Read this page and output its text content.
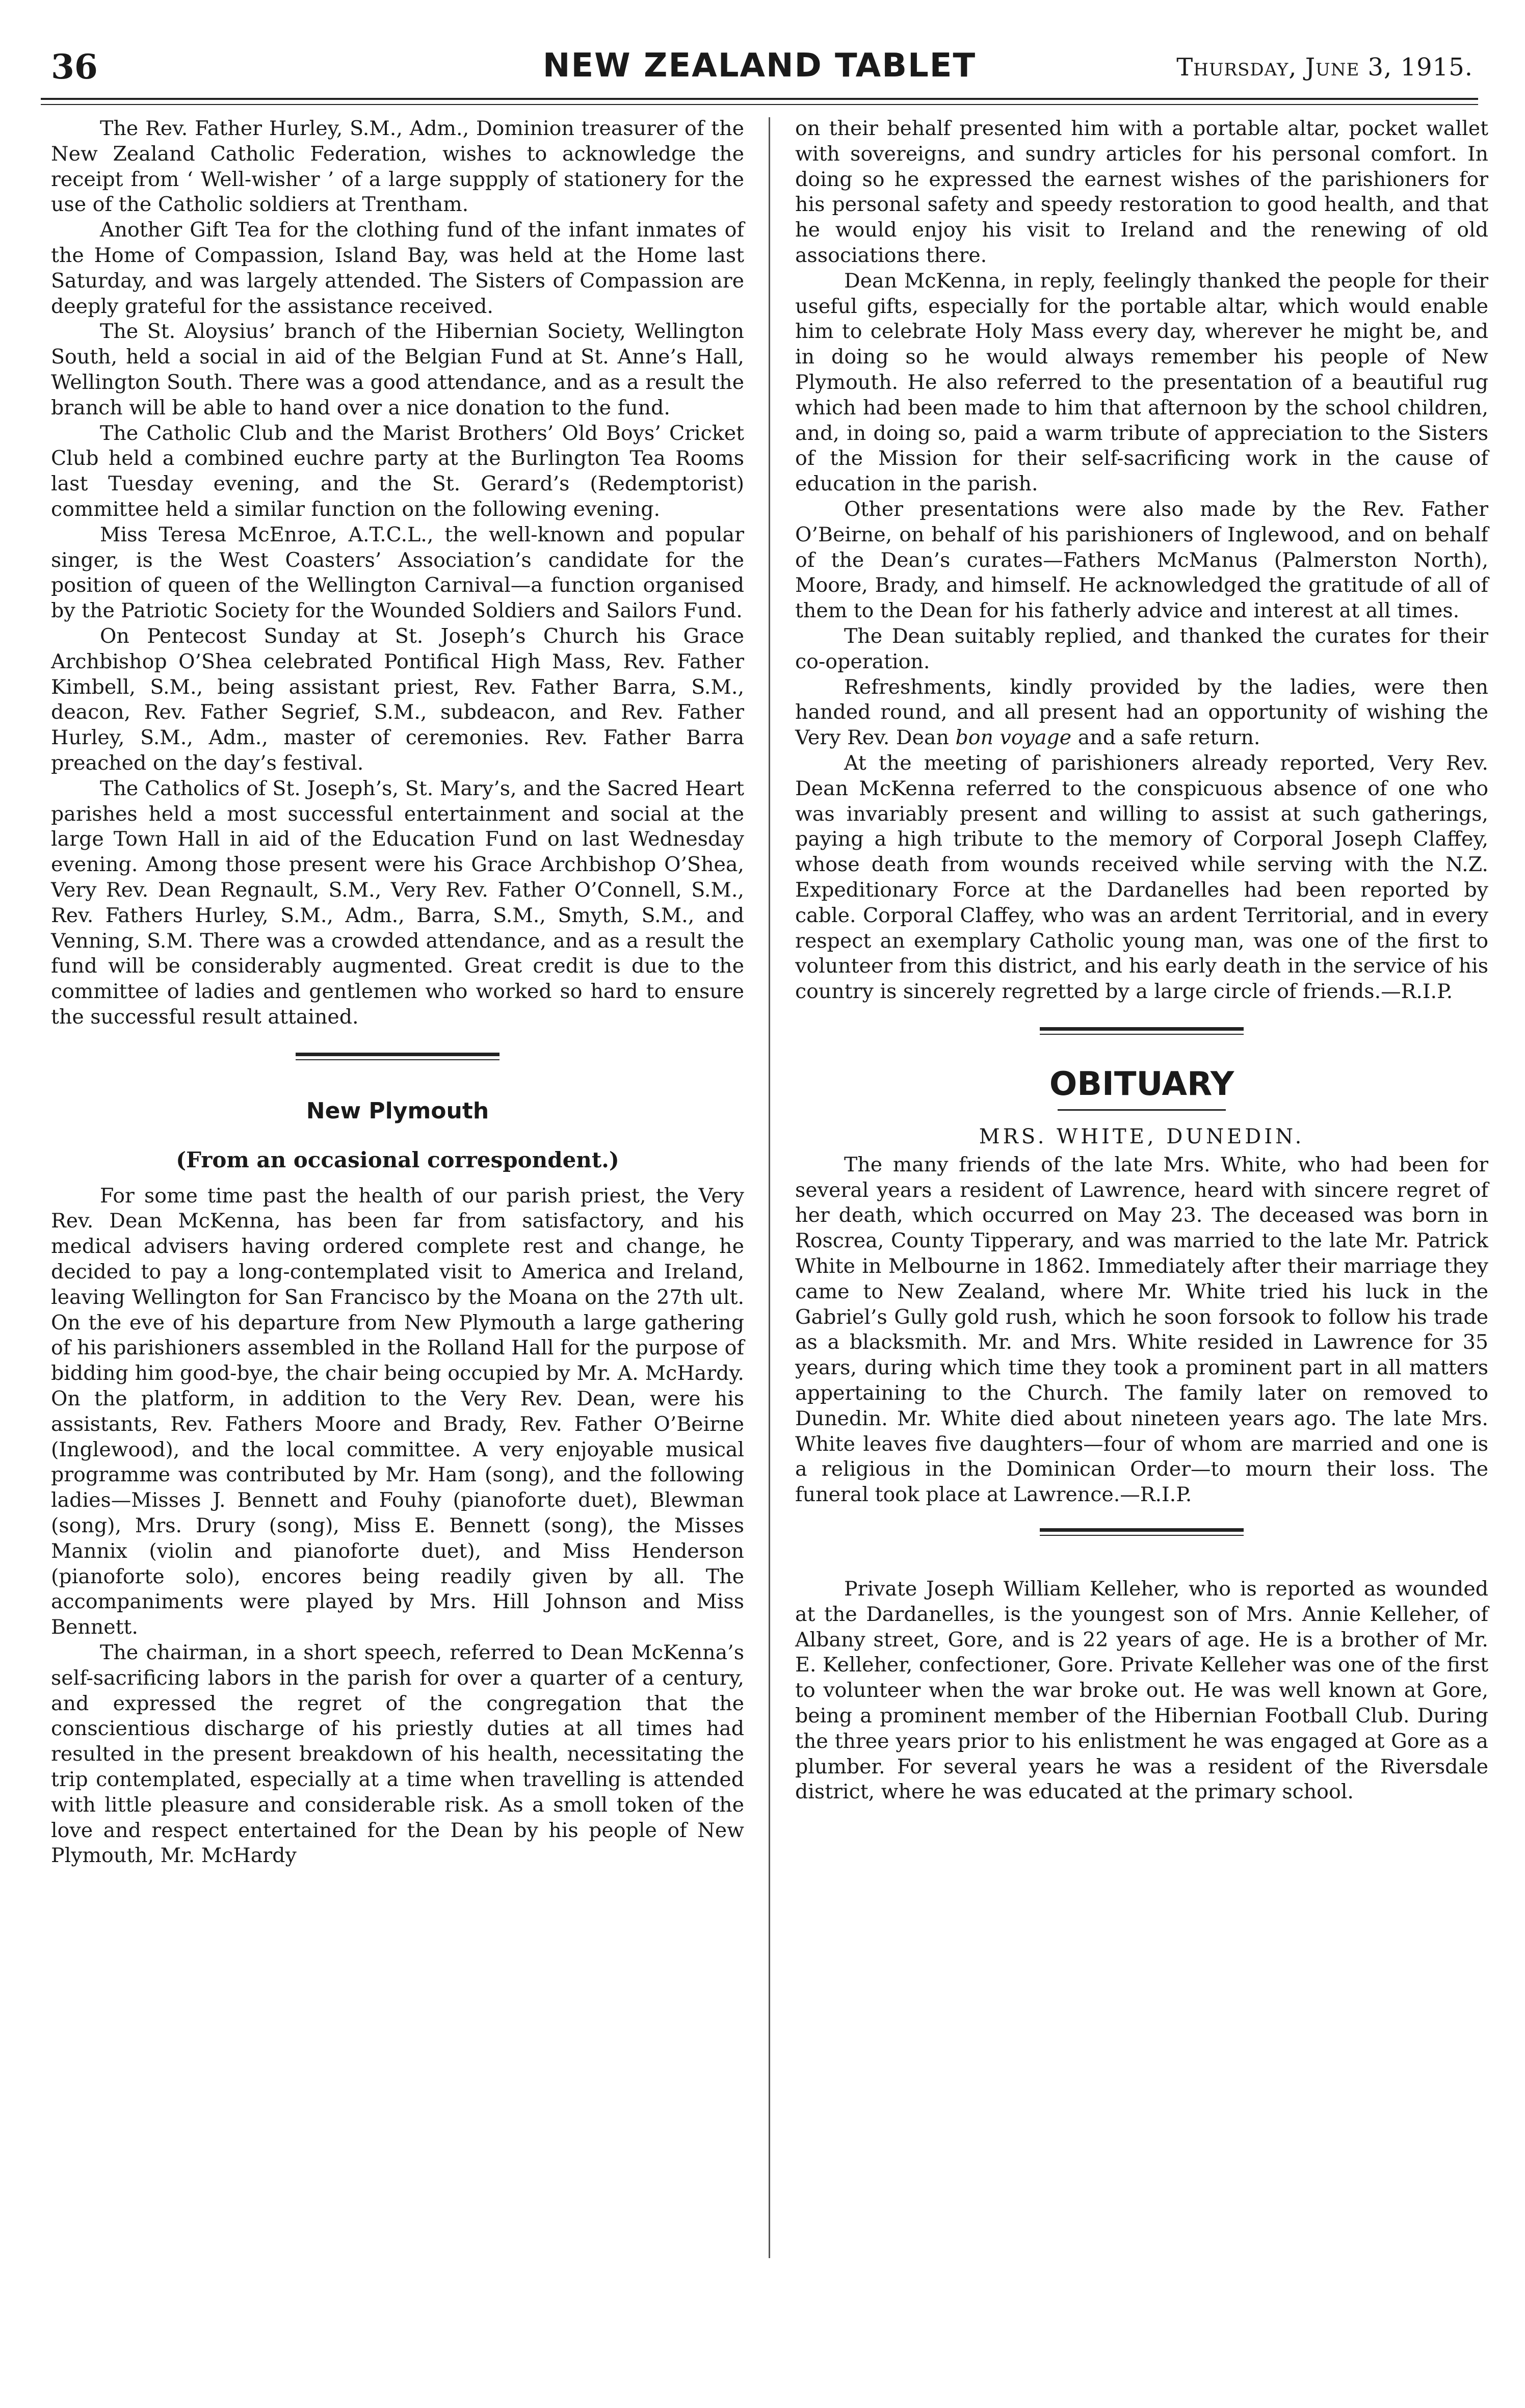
36	NEW ZEALAND TABLET	Thursday, June 3, 1915.

The Rev. Father Hurley, S.M., Adm., Dominion treasurer of the New Zealand Catholic Federation, wishes to acknowledge the receipt from ‘ Well-wisher ’ of a large suppply of stationery for the use of the Catholic soldiers at Trentham.

Another Gift Tea for the clothing fund of the infant inmates of the Home of Compassion, Island Bay, was held at the Home last Saturday, and was largely attended. The Sisters of Compassion are deeply grateful for the assistance received.

The St. Aloysius’ branch of the Hibernian Society, Wellington South, held a social in aid of the Belgian Fund at St. Anne’s Hall, Wellington South. There was a good attendance, and as a result the branch will be able to hand over a nice donation to the fund.

The Catholic Club and the Marist Brothers’ Old Boys’ Cricket Club held a combined euchre party at the Burlington Tea Rooms last Tuesday evening, and the St. Gerard’s (Redemptorist) committee held a similar function on the following evening.

Miss Teresa McEnroe, A.T.C.L., the well-known and popular singer, is the West Coasters’ Association’s candidate for the position of queen of the Wellington Carnival—a function organised by the Patriotic Society for the Wounded Soldiers and Sailors Fund.

On Pentecost Sunday at St. Joseph’s Church his Grace Archbishop O’Shea celebrated Pontifical High Mass, Rev. Father Kimbell, S.M., being assistant priest, Rev. Father Barra, S.M., deacon, Rev. Father Segrief, S.M., subdeacon, and Rev. Father Hurley, S.M., Adm., master of ceremonies. Rev. Father Barra preached on the day’s festival.

The Catholics of St. Joseph’s, St. Mary’s, and the Sacred Heart parishes held a most successful entertainment and social at the large Town Hall in aid of the Education Fund on last Wednesday evening. Among those present were his Grace Archbishop O’Shea, Very Rev. Dean Regnault, S.M., Very Rev. Father O’Connell, S.M., Rev. Fathers Hurley, S.M., Adm., Barra, S.M., Smyth, S.M., and Venning, S.M. There was a crowded attendance, and as a result the fund will be considerably augmented. Great credit is due to the committee of ladies and gentlemen who worked so hard to ensure the successful result attained.

New Plymouth
(From an occasional correspondent.)

For some time past the health of our parish priest, the Very Rev. Dean McKenna, has been far from satisfactory, and his medical advisers having ordered complete rest and change, he decided to pay a long-contemplated visit to America and Ireland, leaving Wellington for San Francisco by the Moana on the 27th ult. On the eve of his departure from New Plymouth a large gathering of his parishioners assembled in the Rolland Hall for the purpose of bidding him good-bye, the chair being occupied by Mr. A. McHardy. On the platform, in addition to the Very Rev. Dean, were his assistants, Rev. Fathers Moore and Brady, Rev. Father O’Beirne (Inglewood), and the local committee. A very enjoyable musical programme was contributed by Mr. Ham (song), and the following ladies—Misses J. Bennett and Fouhy (pianoforte duet), Blewman (song), Mrs. Drury (song), Miss E. Bennett (song), the Misses Mannix (violin and pianoforte duet), and Miss Henderson (pianoforte solo), encores being readily given by all. The accompaniments were played by Mrs. Hill Johnson and Miss Bennett.

The chairman, in a short speech, referred to Dean McKenna’s self-sacrificing labors in the parish for over a quarter of a century, and expressed the regret of the congregation that the conscientious discharge of his priestly duties at all times had resulted in the present breakdown of his health, necessitating the trip contemplated, especially at a time when travelling is attended with little pleasure and considerable risk. As a smoll token of the love and respect entertained for the Dean by his people of New Plymouth, Mr. McHardy

on their behalf presented him with a portable altar, pocket wallet with sovereigns, and sundry articles for his personal comfort. In doing so he expressed the earnest wishes of the parishioners for his personal safety and speedy restoration to good health, and that he would enjoy his visit to Ireland and the renewing of old associations there.

Dean McKenna, in reply, feelingly thanked the people for their useful gifts, especially for the portable altar, which would enable him to celebrate Holy Mass every day, wherever he might be, and in doing so he would always remember his people of New Plymouth. He also referred to the presentation of a beautiful rug which had been made to him that afternoon by the school children, and, in doing so, paid a warm tribute of appreciation to the Sisters of the Mission for their self-sacrificing work in the cause of education in the parish.

Other presentations were also made by the Rev. Father O’Beirne, on behalf of his parishioners of Inglewood, and on behalf of the Dean’s curates—Fathers McManus (Palmerston North), Moore, Brady, and himself. He acknowledged the gratitude of all of them to the Dean for his fatherly advice and interest at all times.

The Dean suitably replied, and thanked the curates for their co-operation.

Refreshments, kindly provided by the ladies, were then handed round, and all present had an opportunity of wishing the Very Rev. Dean bon voyage and a safe return.

At the meeting of parishioners already reported, Very Rev. Dean McKenna referred to the conspicuous absence of one who was invariably present and willing to assist at such gatherings, paying a high tribute to the memory of Corporal Joseph Claffey, whose death from wounds received while serving with the N.Z. Expeditionary Force at the Dardanelles had been reported by cable. Corporal Claffey, who was an ardent Territorial, and in every respect an exemplary Catholic young man, was one of the first to volunteer from this district, and his early death in the service of his country is sincerely regretted by a large circle of friends.—R.I.P.

OBITUARY
MRS. WHITE, DUNEDIN.

The many friends of the late Mrs. White, who had been for several years a resident of Lawrence, heard with sincere regret of her death, which occurred on May 23. The deceased was born in Roscrea, County Tipperary, and was married to the late Mr. Patrick White in Melbourne in 1862. Immediately after their marriage they came to New Zealand, where Mr. White tried his luck in the Gabriel’s Gully gold rush, which he soon forsook to follow his trade as a blacksmith. Mr. and Mrs. White resided in Lawrence for 35 years, during which time they took a prominent part in all matters appertaining to the Church. The family later on removed to Dunedin. Mr. White died about nineteen years ago. The late Mrs. White leaves five daughters—four of whom are married and one is a religious in the Dominican Order—to mourn their loss. The funeral took place at Lawrence.—R.I.P.

Private Joseph William Kelleher, who is reported as wounded at the Dardanelles, is the youngest son of Mrs. Annie Kelleher, of Albany street, Gore, and is 22 years of age. He is a brother of Mr. E. Kelleher, confectioner, Gore. Private Kelleher was one of the first to volunteer when the war broke out. He was well known at Gore, being a prominent member of the Hibernian Football Club. During the three years prior to his enlistment he was engaged at Gore as a plumber. For several years he was a resident of the Riversdale district, where he was educated at the primary school.
